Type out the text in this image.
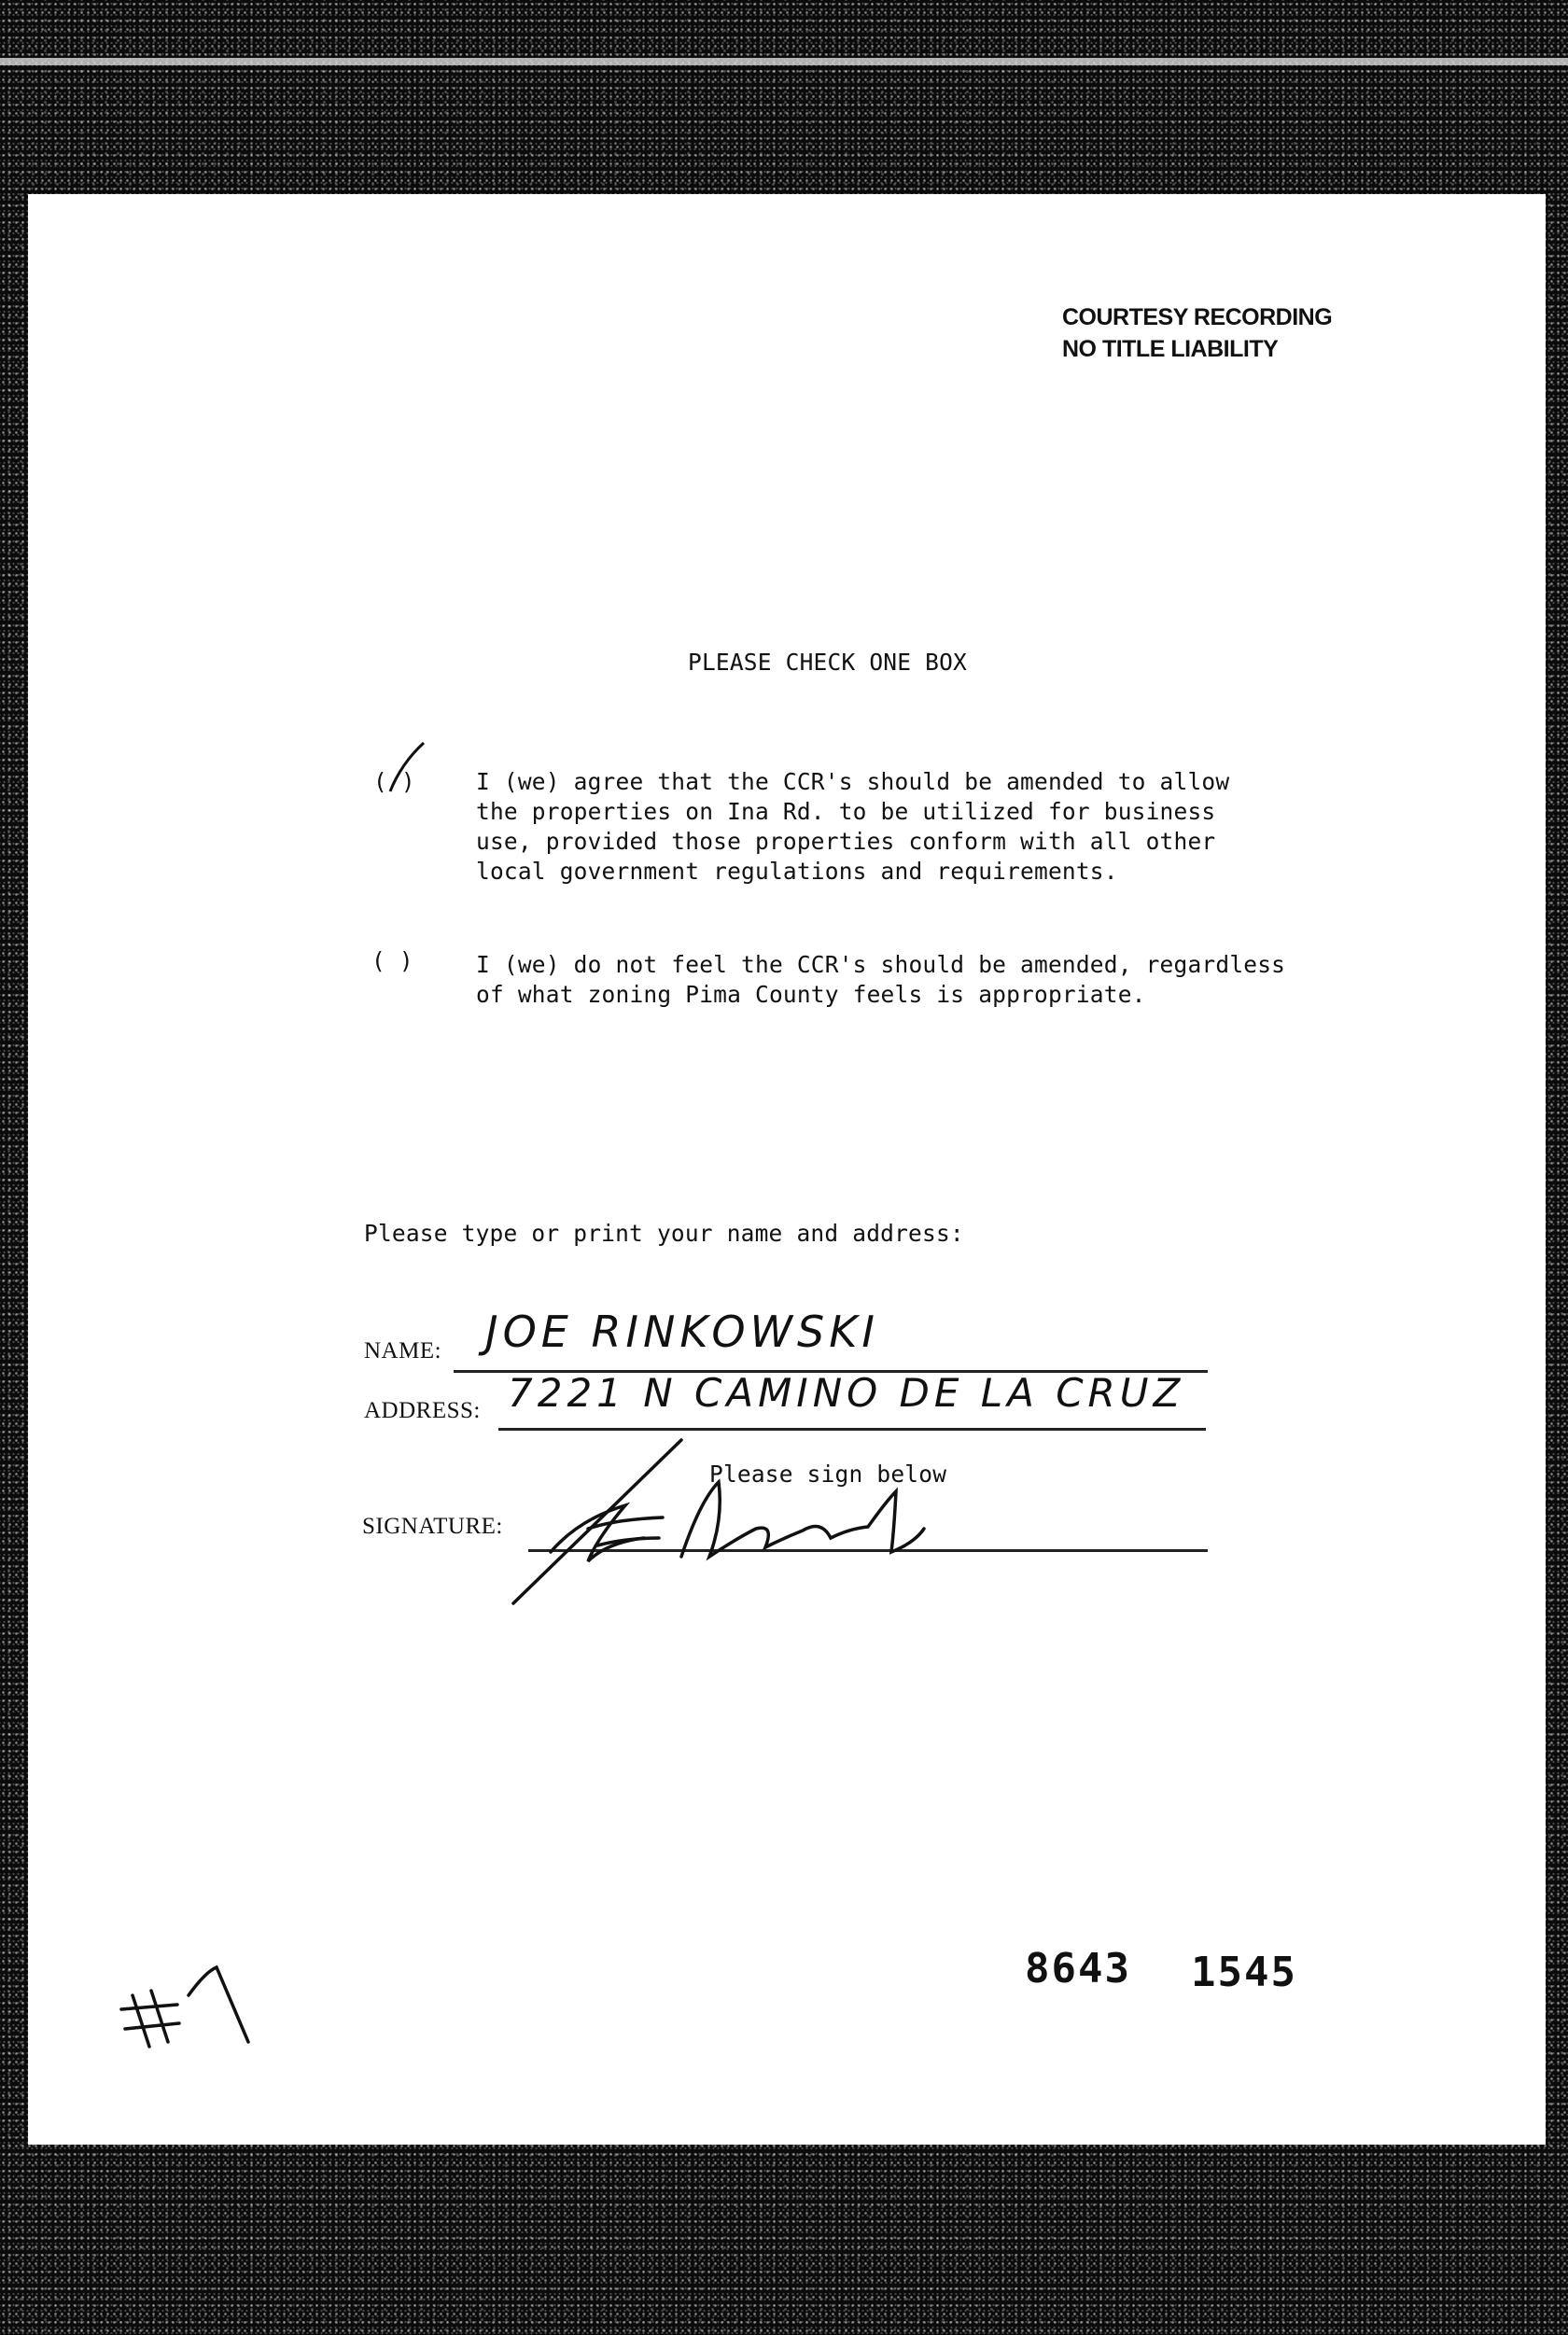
COURTESY RECORDING
NO TITLE LIABILITY
PLEASE CHECK ONE BOX
( )	I (we) agree that the CCR's should be amended to allow
the properties on Ina Rd. to be utilized for business
use, provided those properties conform with all other
local government regulations and requirements.
( )	I (we) do not feel the CCR's should be amended, regardless
of what zoning Pima County feels is appropriate.
Please type or print your name and address:
NAME: JOE RINKOWSKI
ADDRESS: 7221 N CAMINO DE LA CRUZ
Please sign below
SIGNATURE:
8643 1545
